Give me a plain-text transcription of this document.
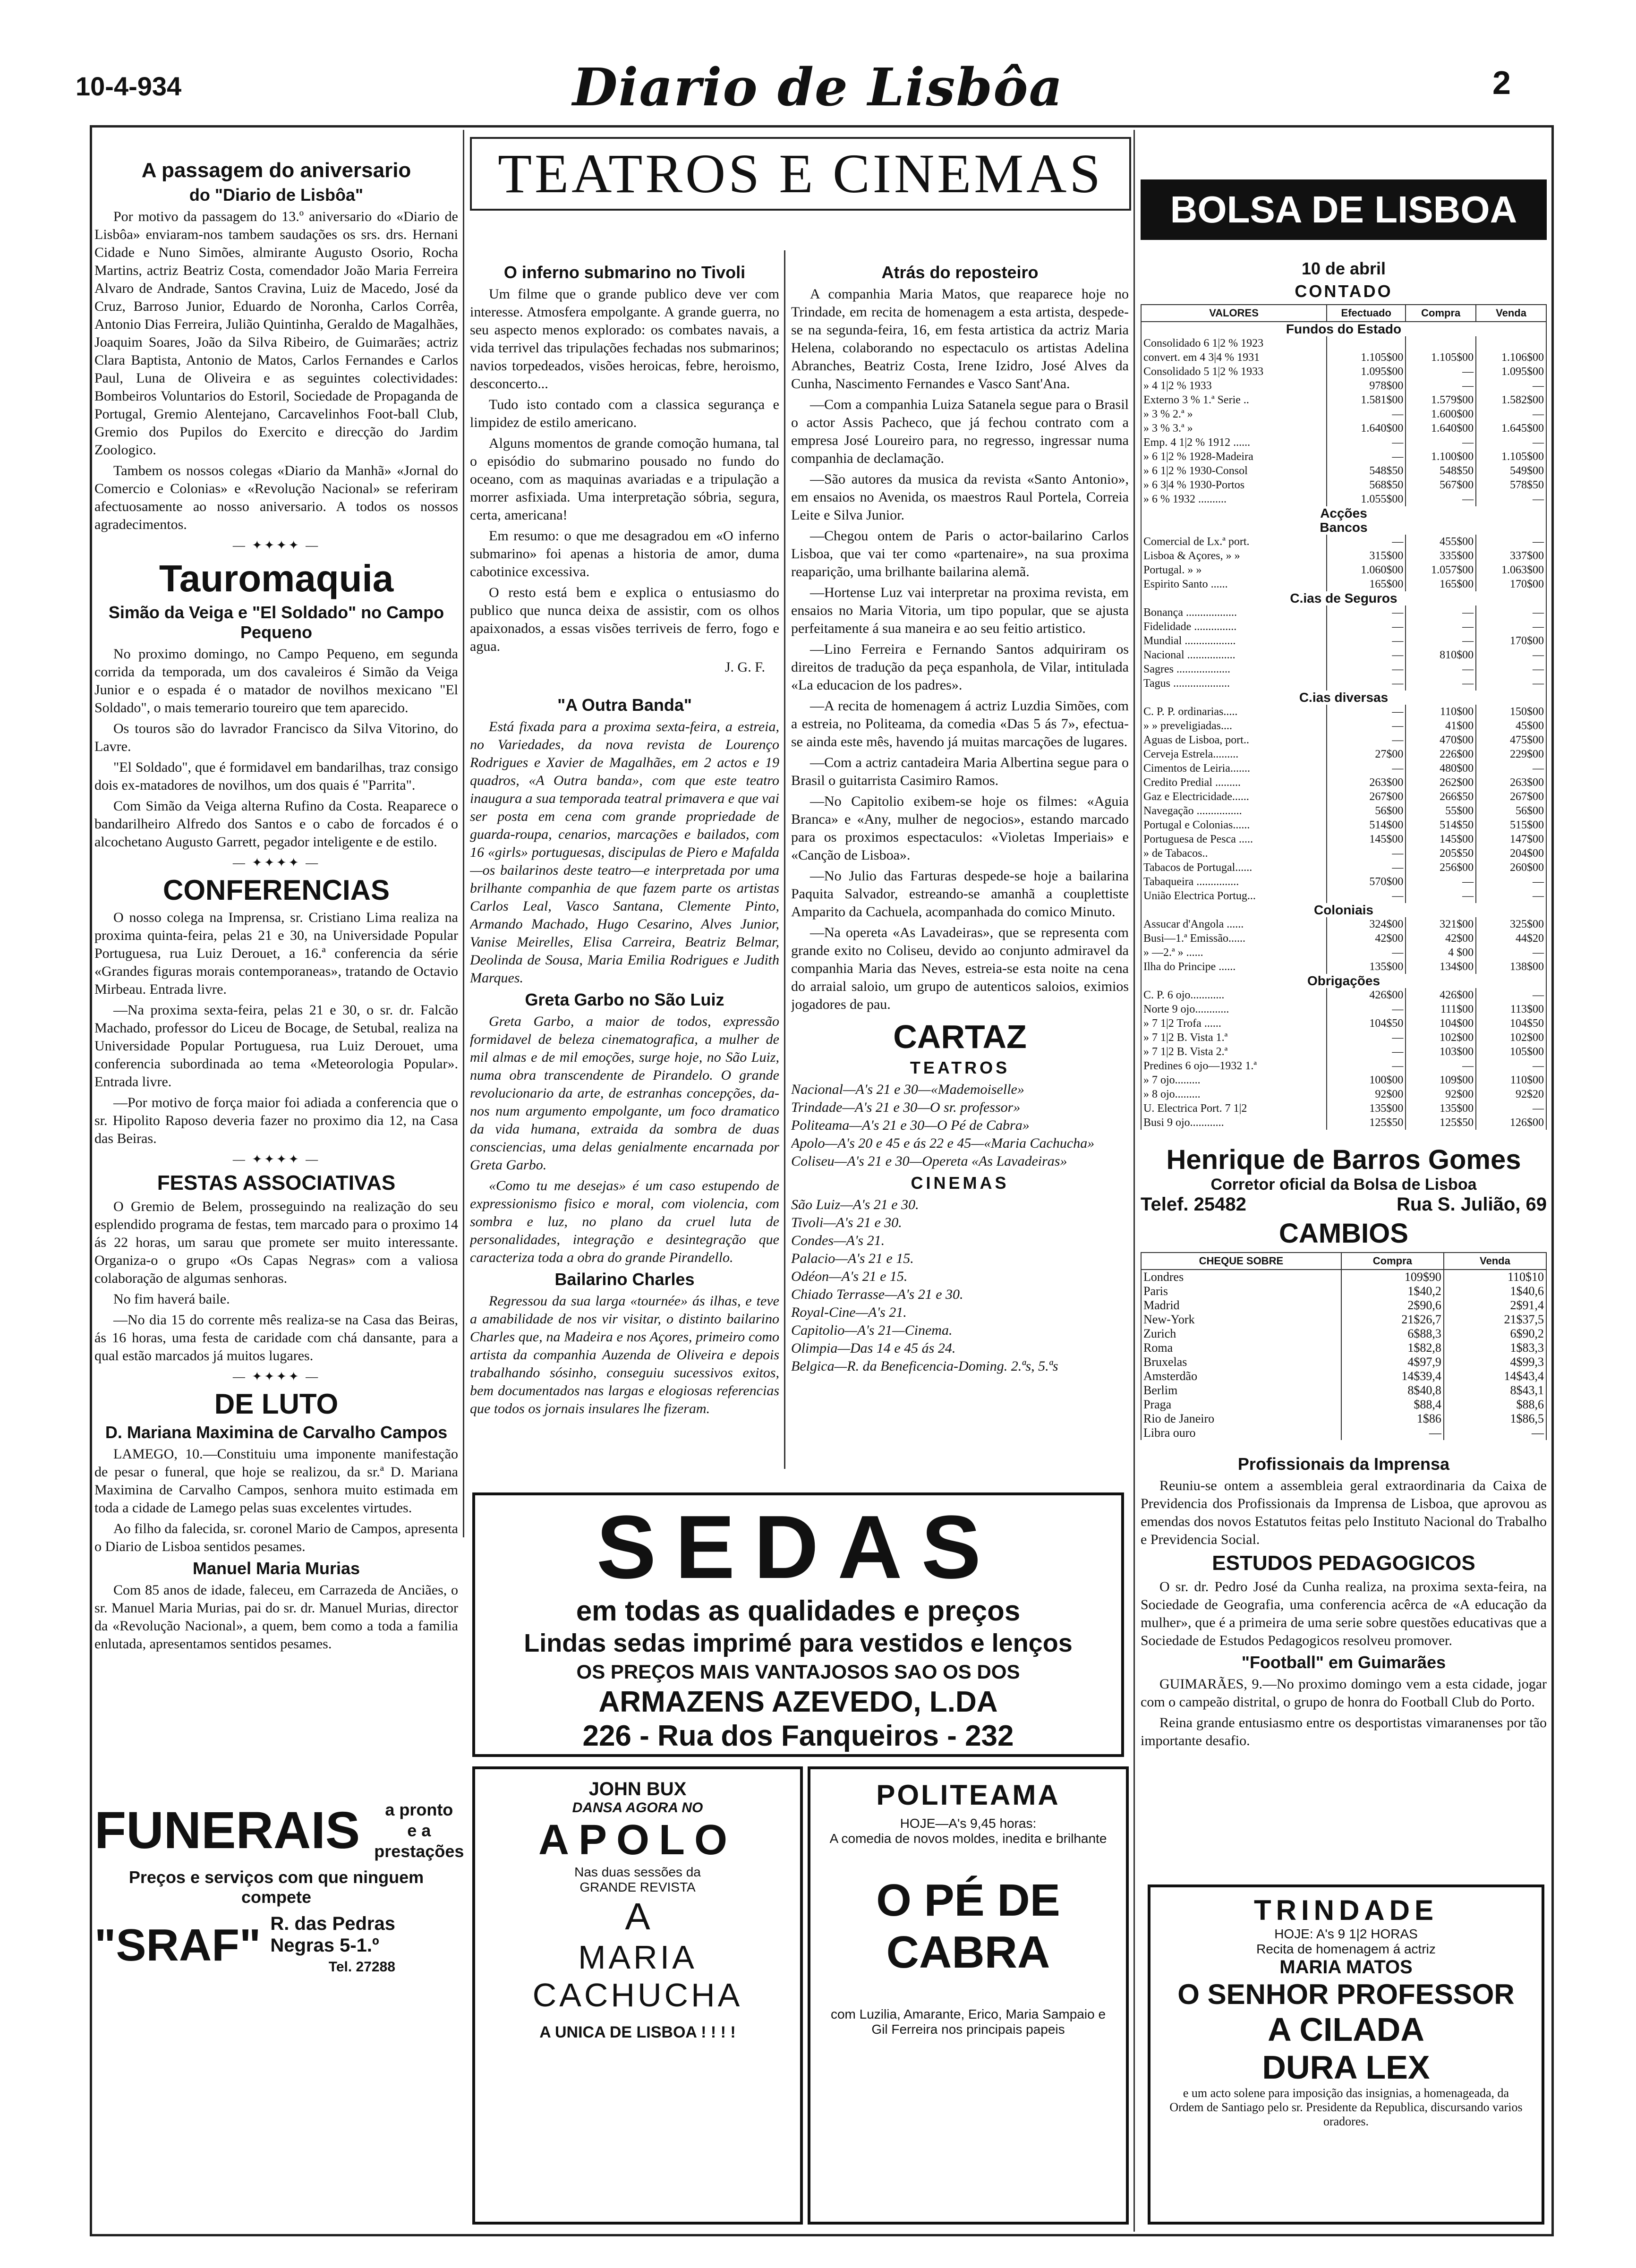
10-4-934	Diario de Lisbôa	2
A passagem do aniversario
do "Diario de Lisbôa"

Por motivo da passagem do 13.º aniversario do «Diario de Lisbôa» enviaram-nos tambem saudações os srs. drs. Hernani Cidade e Nuno Simões, almirante Augusto Osorio, Rocha Martins, actriz Beatriz Costa, comendador João Maria Ferreira Alvaro de Andrade, Santos Cravina, Luiz de Macedo, José da Cruz, Barroso Junior, Eduardo de Noronha, Carlos Corrêa, Antonio Dias Ferreira, Julião Quintinha, Geraldo de Magalhães, Joaquim Soares, João da Silva Ribeiro, de Guimarães; actriz Clara Baptista, Antonio de Matos, Carlos Fernandes e Carlos Paul, Luna de Oliveira e as seguintes colectividades: Bombeiros Voluntarios do Estoril, Sociedade de Propaganda de Portugal, Gremio Alentejano, Carcavelinhos Foot-ball Club, Gremio dos Pupilos do Exercito e direcção do Jardim Zoologico.

Tambem os nossos colegas «Diario da Manhã» «Jornal do Comercio e Colonias» e «Revolução Nacional» se referiram afectuosamente ao nosso aniversario. A todos os nossos agradecimentos.

— ✦✦✦✦ —
Tauromaquia
Simão da Veiga e "El Soldado" no Campo Pequeno

No proximo domingo, no Campo Pequeno, em segunda corrida da temporada, um dos cavaleiros é Simão da Veiga Junior e o espada é o matador de novilhos mexicano "El Soldado", o mais temerario toureiro que tem aparecido.

Os touros são do lavrador Francisco da Silva Vitorino, do Lavre.

"El Soldado", que é formidavel em bandarilhas, traz consigo dois ex-matadores de novilhos, um dos quais é "Parrita".

Com Simão da Veiga alterna Rufino da Costa. Reaparece o bandarilheiro Alfredo dos Santos e o cabo de forcados é o alcochetano Augusto Garrett, pegador inteligente e de estilo.

— ✦✦✦✦ —
CONFERENCIAS

O nosso colega na Imprensa, sr. Cristiano Lima realiza na proxima quinta-feira, pelas 21 e 30, na Universidade Popular Portuguesa, rua Luiz Derouet, a 16.ª conferencia da série «Grandes figuras morais contemporaneas», tratando de Octavio Mirbeau. Entrada livre.

—Na proxima sexta-feira, pelas 21 e 30, o sr. dr. Falcão Machado, professor do Liceu de Bocage, de Setubal, realiza na Universidade Popular Portuguesa, rua Luiz Derouet, uma conferencia subordinada ao tema «Meteorologia Popular». Entrada livre.

—Por motivo de força maior foi adiada a conferencia que o sr. Hipolito Raposo deveria fazer no proximo dia 12, na Casa das Beiras.

— ✦✦✦✦ —
FESTAS ASSOCIATIVAS

O Gremio de Belem, prosseguindo na realização do seu esplendido programa de festas, tem marcado para o proximo 14 ás 22 horas, um sarau que promete ser muito interessante. Organiza-o o grupo «Os Capas Negras» com a valiosa colaboração de algumas senhoras.

No fim haverá baile.

—No dia 15 do corrente mês realiza-se na Casa das Beiras, ás 16 horas, uma festa de caridade com chá dansante, para a qual estão marcados já muitos lugares.

— ✦✦✦✦ —
DE LUTO
D. Mariana Maximina de Carvalho Campos

LAMEGO, 10.—Constituiu uma imponente manifestação de pesar o funeral, que hoje se realizou, da sr.ª D. Mariana Maximina de Carvalho Campos, senhora muito estimada em toda a cidade de Lamego pelas suas excelentes virtudes.

Ao filho da falecida, sr. coronel Mario de Campos, apresenta o Diario de Lisboa sentidos pesames.

Manuel Maria Murias

Com 85 anos de idade, faleceu, em Carrazeda de Anciães, o sr. Manuel Maria Murias, pai do sr. dr. Manuel Murias, director da «Revolução Nacional», a quem, bem como a toda a familia enlutada, apresentamos sentidos pesames.

FUNERAIS	a pronto
e a
prestações
Preços e serviços com que ninguem compete
"SRAF" R. das Pedras
Negras 5-1.º
Tel. 27288
TEATROS E CINEMAS
O inferno submarino no Tivoli

Um filme que o grande publico deve ver com interesse. Atmosfera empolgante. A grande guerra, no seu aspecto menos explorado: os combates navais, a vida terrivel das tripulações fechadas nos submarinos; navios torpedeados, visões heroicas, febre, heroismo, desconcerto...

Tudo isto contado com a classica segurança e limpidez de estilo americano.

Alguns momentos de grande comoção humana, tal o episódio do submarino pousado no fundo do oceano, com as maquinas avariadas e a tripulação a morrer asfixiada. Uma interpretação sóbria, segura, certa, americana!

Em resumo: o que me desagradou em «O inferno submarino» foi apenas a historia de amor, duma cabotinice excessiva.

O resto está bem e explica o entusiasmo do publico que nunca deixa de assistir, com os olhos apaixonados, a essas visões terriveis de ferro, fogo e agua.

J. G. F.
"A Outra Banda"

Está fixada para a proxima sexta-feira, a estreia, no Variedades, da nova revista de Lourenço Rodrigues e Xavier de Magalhães, em 2 actos e 19 quadros, «A Outra banda», com que este teatro inaugura a sua temporada teatral primavera e que vai ser posta em cena com grande propriedade de guarda-roupa, cenarios, marcações e bailados, com 16 «girls» portuguesas, discipulas de Piero e Mafalda—os bailarinos deste teatro—e interpretada por uma brilhante companhia de que fazem parte os artistas Carlos Leal, Vasco Santana, Clemente Pinto, Armando Machado, Hugo Cesarino, Alves Junior, Vanise Meirelles, Elisa Carreira, Beatriz Belmar, Deolinda de Sousa, Maria Emilia Rodrigues e Judith Marques.

Greta Garbo no São Luiz

Greta Garbo, a maior de todos, expressão formidavel de beleza cinematografica, a mulher de mil almas e de mil emoções, surge hoje, no São Luiz, numa obra transcendente de Pirandelo. O grande revolucionario da arte, de estranhas concepções, da-nos num argumento empolgante, um foco dramatico da vida humana, extraida da sombra de duas consciencias, uma delas genialmente encarnada por Greta Garbo.

«Como tu me desejas» é um caso estupendo de expressionismo fisico e moral, com violencia, com sombra e luz, no plano da cruel luta de personalidades, integração e desintegração que caracteriza toda a obra do grande Pirandello.

Bailarino Charles

Regressou da sua larga «tournée» ás ilhas, e teve a amabilidade de nos vir visitar, o distinto bailarino Charles que, na Madeira e nos Açores, primeiro como artista da companhia Auzenda de Oliveira e depois trabalhando sósinho, conseguiu sucessivos exitos, bem documentados nas largas e elogiosas referencias que todos os jornais insulares lhe fizeram.

Atrás do reposteiro

A companhia Maria Matos, que reaparece hoje no Trindade, em recita de homenagem a esta artista, despede-se na segunda-feira, 16, em festa artistica da actriz Maria Helena, colaborando no espectaculo os artistas Adelina Abranches, Beatriz Costa, Irene Izidro, José Alves da Cunha, Nascimento Fernandes e Vasco Sant'Ana.

—Com a companhia Luiza Satanela segue para o Brasil o actor Assis Pacheco, que já fechou contrato com a empresa José Loureiro para, no regresso, ingressar numa companhia de declamação.

—São autores da musica da revista «Santo Antonio», em ensaios no Avenida, os maestros Raul Portela, Correia Leite e Silva Junior.

—Chegou ontem de Paris o actor-bailarino Carlos Lisboa, que vai ter como «partenaire», na sua proxima reaparição, uma brilhante bailarina alemã.

—Hortense Luz vai interpretar na proxima revista, em ensaios no Maria Vitoria, um tipo popular, que se ajusta perfeitamente á sua maneira e ao seu feitio artistico.

—Lino Ferreira e Fernando Santos adquiriram os direitos de tradução da peça espanhola, de Vilar, intitulada «La educacion de los padres».

—A recita de homenagem á actriz Luzdia Simões, com a estreia, no Politeama, da comedia «Das 5 ás 7», efectua-se ainda este mês, havendo já muitas marcações de lugares.

—Com a actriz cantadeira Maria Albertina segue para o Brasil o guitarrista Casimiro Ramos.

—No Capitolio exibem-se hoje os filmes: «Aguia Branca» e «Any, mulher de negocios», estando marcado para os proximos espectaculos: «Violetas Imperiais» e «Canção de Lisboa».

—No Julio das Farturas despede-se hoje a bailarina Paquita Salvador, estreando-se amanhã a couplettiste Amparito da Cachuela, acompanhada do comico Minuto.

—Na opereta «As Lavadeiras», que se representa com grande exito no Coliseu, devido ao conjunto admiravel da companhia Maria das Neves, estreia-se esta noite na cena do arraial saloio, um grupo de autenticos saloios, eximios jogadores de pau.

CARTAZ
TEATROS
Nacional—A's 21 e 30—«Mademoiselle»
Trindade—A's 21 e 30—O sr. professor»
Politeama—A's 21 e 30—O Pé de Cabra»
Apolo—A's 20 e 45 e ás 22 e 45—«Maria Cachucha»
Coliseu—A's 21 e 30—Opereta «As Lavadeiras»
CINEMAS
São Luiz—A's 21 e 30.
Tivoli—A's 21 e 30.
Condes—A's 21.
Palacio—A's 21 e 15.
Odéon—A's 21 e 15.
Chiado Terrasse—A's 21 e 30.
Royal-Cine—A's 21.
Capitolio—A's 21—Cinema.
Olimpia—Das 14 e 45 ás 24.
Belgica—R. da Beneficencia-Doming. 2.ªs, 5.ªs
SEDAS
em todas as qualidades e preços
Lindas sedas imprimé para vestidos e lenços
OS PREÇOS MAIS VANTAJOSOS SAO OS DOS
ARMAZENS AZEVEDO, L.DA
226 - Rua dos Fanqueiros - 232
JOHN BUX
DANSA AGORA NO
APOLO
Nas duas sessões da
GRANDE REVISTA
A
MARIA
CACHUCHA
A UNICA DE LISBOA ! ! ! !
POLITEAMA
HOJE—A's 9,45 horas:
A comedia de novos moldes, inedita e brilhante
O PÉ DE CABRA
com Luzilia, Amarante, Erico, Maria Sampaio e Gil Ferreira nos principais papeis
BOLSA DE LISBOA
10 de abril
CONTADO
VALORES	Efectuado	Compra	Venda
Fundos do Estado			
Consolidado 6 1|2 % 1923			
convert. em 4 3|4 % 1931	1.105$00	1.105$00	1.106$00
Consolidado 5 1|2 % 1933	1.095$00	—	1.095$00
» 4 1|2 % 1933	978$00	—	—
Externo 3 % 1.ª Serie ..	1.581$00	1.579$00	1.582$00
» 3 % 2.ª »	—	1.600$00	—
» 3 % 3.ª »	1.640$00	1.640$00	1.645$00
Emp. 4 1|2 % 1912 ......	—	—	—
» 6 1|2 % 1928-Madeira	—	1.100$00	1.105$00
» 6 1|2 % 1930-Consol	548$50	548$50	549$00
» 6 3|4 % 1930-Portos	568$50	567$00	578$50
» 6 % 1932 ..........	1.055$00	—	—
Acções			
Bancos			
Comercial de Lx.ª port.	—	455$00	—
Lisboa & Açores, » »	315$00	335$00	337$00
Portugal. » »	1.060$00	1.057$00	1.063$00
Espirito Santo ......	165$00	165$00	170$00
C.ias de Seguros			
Bonança ..................	—	—	—
Fidelidade ...............	—	—	—
Mundial ..................	—	—	170$00
Nacional .................	—	810$00	—
Sagres ...................	—	—	—
Tagus ....................	—	—	—
C.ias diversas			
C. P. P. ordinarias.....	—	110$00	150$00
» » preveligiadas....	—	41$00	45$00
Aguas de Lisboa, port..	—	470$00	475$00
Cerveja Estrela.........	27$00	226$00	229$00
Cimentos de Leiria.......	—	480$00	—
Credito Predial .........	263$00	262$00	263$00
Gaz e Electricidade......	267$00	266$50	267$00
Navegação ................	56$00	55$00	56$00
Portugal e Colonias......	514$00	514$50	515$00
Portuguesa de Pesca .....	145$00	145$00	147$00
» de Tabacos..	—	205$50	204$00
Tabacos de Portugal......	—	256$00	260$00
Tabaqueira ...............	570$00	—	—
União Electrica Portug...	—	—	—
Coloniais			
Assucar d'Angola ......	324$00	321$00	325$00
Busi—1.ª Emissão......	42$00	42$00	44$20
» —2.ª » ......	—	4 $00	—
Ilha do Principe ......	135$00	134$00	138$00
Obrigações			
C. P. 6 ojo............	426$00	426$00	—
Norte 9 ojo............	—	111$00	113$00
» 7 1|2 Trofa ......	104$50	104$00	104$50
» 7 1|2 B. Vista 1.ª	—	102$00	102$00
» 7 1|2 B. Vista 2.ª	—	103$00	105$00
Predines 6 ojo—1932 1.ª	—	—	—
» 7 ojo.........	100$00	109$00	110$00
» 8 ojo.........	92$00	92$00	92$20
U. Electrica Port. 7 1|2	135$00	135$00	—
Busi 9 ojo............	125$50	125$50	126$00
Henrique de Barros Gomes
Corretor oficial da Bolsa de Lisboa
Telef. 25482	Rua S. Julião, 69
CAMBIOS
CHEQUE SOBRE	Compra	Venda
Londres	109$90	110$10
Paris	1$40,2	1$40,6
Madrid	2$90,6	2$91,4
New-York	21$26,7	21$37,5
Zurich	6$88,3	6$90,2
Roma	1$82,8	1$83,3
Bruxelas	4$97,9	4$99,3
Amsterdão	14$39,4	14$43,4
Berlim	8$40,8	8$43,1
Praga	$88,4	$88,6
Rio de Janeiro	1$86	1$86,5
Libra ouro	—	—
Profissionais da Imprensa

Reuniu-se ontem a assembleia geral extraordinaria da Caixa de Previdencia dos Profissionais da Imprensa de Lisboa, que aprovou as emendas dos novos Estatutos feitas pelo Instituto Nacional do Trabalho e Previdencia Social.

ESTUDOS PEDAGOGICOS

O sr. dr. Pedro José da Cunha realiza, na proxima sexta-feira, na Sociedade de Geografia, uma conferencia acêrca de «A educação da mulher», que é a primeira de uma serie sobre questões educativas que a Sociedade de Estudos Pedagogicos resolveu promover.

"Football" em Guimarães

GUIMARÃES, 9.—No proximo domingo vem a esta cidade, jogar com o campeão distrital, o grupo de honra do Football Club do Porto.

Reina grande entusiasmo entre os desportistas vimaranenses por tão importante desafio.

TRINDADE
HOJE: A's 9 1|2 HORAS
Recita de homenagem á actriz
MARIA MATOS
O SENHOR PROFESSOR
A CILADA
DURA LEX
e um acto solene para imposição das insignias, a homenageada, da Ordem de Santiago pelo sr. Presidente da Republica, discursando varios oradores.
